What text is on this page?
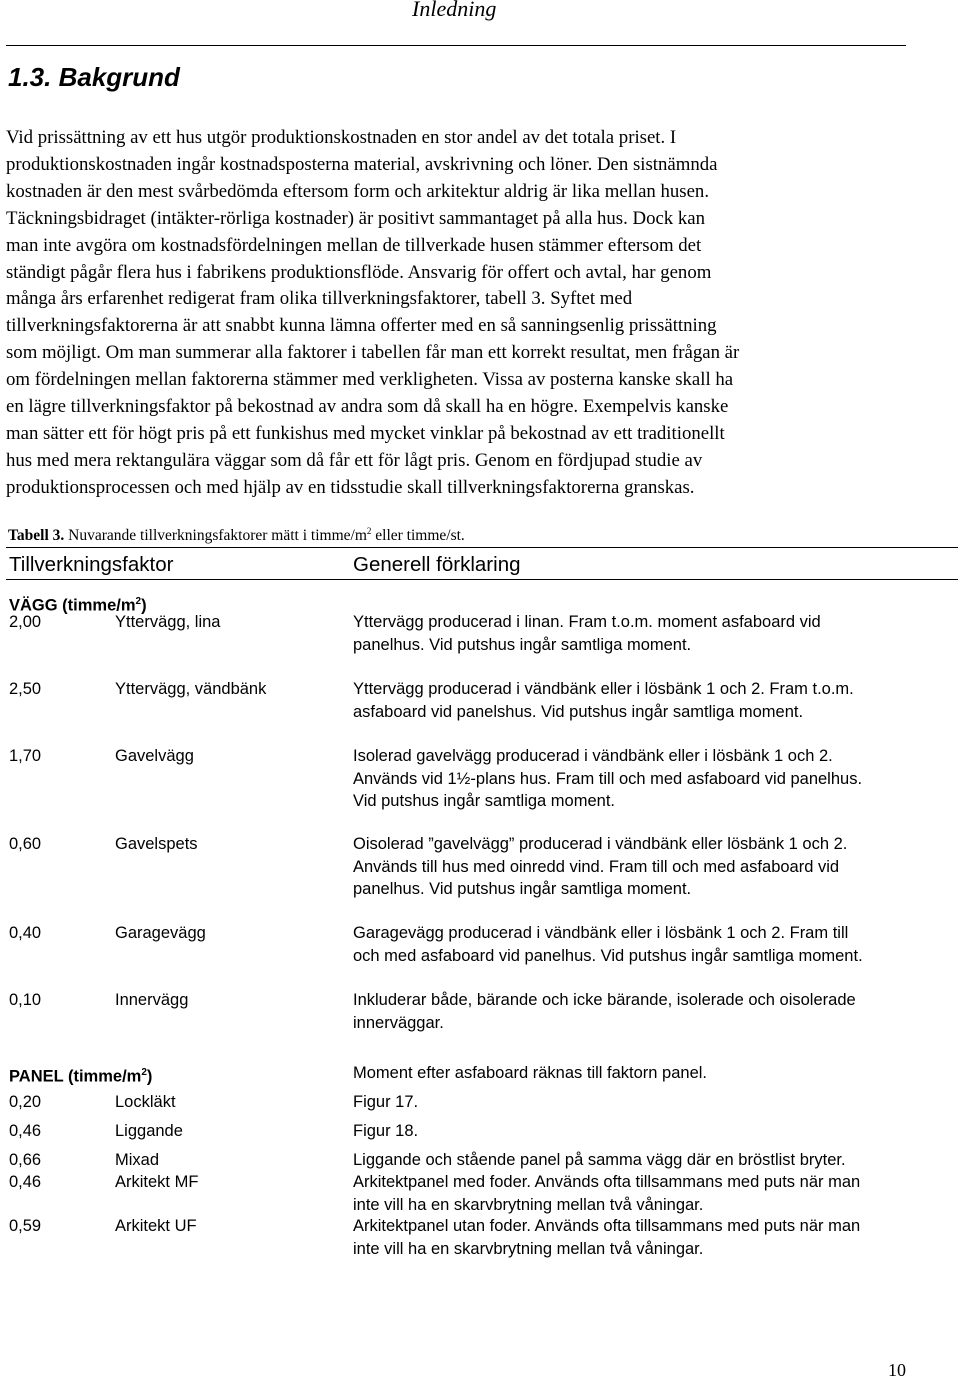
Inledning
1.3. Bakgrund
Vid prissättning av ett hus utgör produktionskostnaden en stor andel av det totala priset. I
produktionskostnaden ingår kostnadsposterna material, avskrivning och löner. Den sistnämnda
kostnaden är den mest svårbedömda eftersom form och arkitektur aldrig är lika mellan husen.
Täckningsbidraget (intäkter-rörliga kostnader) är positivt sammantaget på alla hus. Dock kan
man inte avgöra om kostnadsfördelningen mellan de tillverkade husen stämmer eftersom det
ständigt pågår flera hus i fabrikens produktionsflöde. Ansvarig för offert och avtal, har genom
många års erfarenhet redigerat fram olika tillverkningsfaktorer, tabell 3. Syftet med
tillverkningsfaktorerna är att snabbt kunna lämna offerter med en så sanningsenlig prissättning
som möjligt. Om man summerar alla faktorer i tabellen får man ett korrekt resultat, men frågan är
om fördelningen mellan faktorerna stämmer med verkligheten. Vissa av posterna kanske skall ha
en lägre tillverkningsfaktor på bekostnad av andra som då skall ha en högre. Exempelvis kanske
man sätter ett för högt pris på ett funkishus med mycket vinklar på bekostnad av ett traditionellt
hus med mera rektangulära väggar som då får ett för lågt pris. Genom en fördjupad studie av
produktionsprocessen och med hjälp av en tidsstudie skall tillverkningsfaktorerna granskas.
Tabell 3. Nuvarande tillverkningsfaktorer mätt i timme/$m^2$ eller timme/st.
Tillverkningsfaktor	Generell förklaring
VÄGG $(timme/m^2)$
2,00	Yttervägg, lina	Yttervägg producerad i linan. Fram t.o.m. moment asfaboard vid
panelhus. Vid putshus ingår samtliga moment.
2,50	Yttervägg, vändbänk	Yttervägg producerad i vändbänk eller i lösbänk 1 och 2. Fram t.o.m.
asfaboard vid panelshus. Vid putshus ingår samtliga moment.
1,70	Gavelvägg	Isolerad gavelvägg producerad i vändbänk eller i lösbänk 1 och 2.
Används vid 1½-plans hus. Fram till och med asfaboard vid panelhus.
Vid putshus ingår samtliga moment.
0,60	Gavelspets	Oisolerad ”gavelvägg” producerad i vändbänk eller lösbänk 1 och 2.
Används till hus med oinredd vind. Fram till och med asfaboard vid
panelhus. Vid putshus ingår samtliga moment.
0,40	Garagevägg	Garagevägg producerad i vändbänk eller i lösbänk 1 och 2. Fram till
och med asfaboard vid panelhus. Vid putshus ingår samtliga moment.
0,10	Innervägg	Inkluderar både, bärande och icke bärande, isolerade och oisolerade
innerväggar.
PANEL $(timme/m^2)$	Moment efter asfaboard räknas till faktorn panel.
0,20	Lockläkt	Figur 17.
0,46	Liggande	Figur 18.
0,66	Mixad	Liggande och stående panel på samma vägg där en bröstlist bryter.
0,46	Arkitekt MF	Arkitektpanel med foder. Används ofta tillsammans med puts när man
inte vill ha en skarvbrytning mellan två våningar.
0,59	Arkitekt UF	Arkitektpanel utan foder. Används ofta tillsammans med puts när man
inte vill ha en skarvbrytning mellan två våningar.
10
